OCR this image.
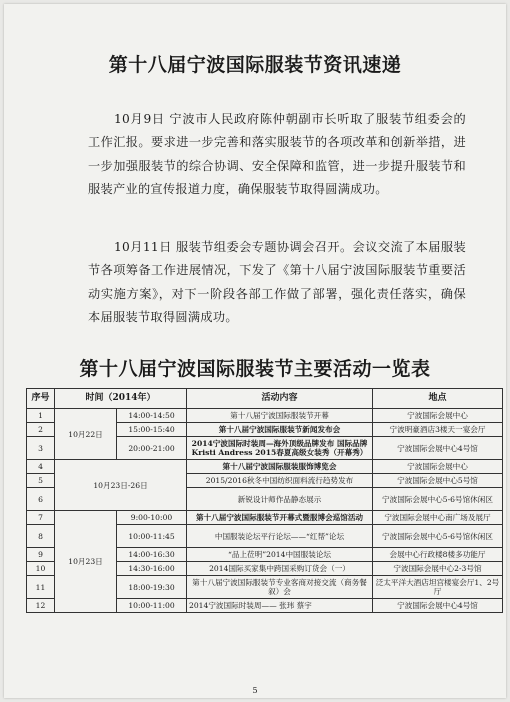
第十八届宁波国际服装节资讯速递
10月9日 宁波市人民政府陈仲朝副市长听取了服装节组委会的工作汇报。要求进一步完善和落实服装节的各项改革和创新举措，进一步加强服装节的综合协调、安全保障和监管，进一步提升服装节和服装产业的宣传报道力度，确保服装节取得圆满成功。
10月11日 服装节组委会专题协调会召开。会议交流了本届服装节各项筹备工作进展情况，下发了《第十八届宁波国际服装节重要活动实施方案》，对下一阶段各部工作做了部署，强化责任落实，确保本届服装节取得圆满成功。
第十八届宁波国际服装节主要活动一览表
序号	时间（2014年）		活动内容	地点
1	10月22日	14:00-14:50	第十八届宁波国际服装节开幕	宁波国际会展中心
2		15:00-15:40	第十八届宁波国际服装节新闻发布会	宁波明豪酒店3楼天一宴会厅
3		20:00-21:00	2014宁波国际时装周—海外顶级品牌发布 国际品牌Kristi Andress 2015春夏高级女装秀（开幕秀）	宁波国际会展中心4号馆
4	10月23日-26日		第十八届宁波国际服装服饰博览会	宁波国际会展中心
5			2015/2016秋冬中国纺织面料流行趋势发布	宁波国际会展中心5号馆
6			新锐设计师作品静态展示	宁波国际会展中心5-6号馆休闲区
7	10月23日	9:00-10:00	第十八届宁波国际服装节开幕式暨服博会巡馆活动	宁波国际会展中心南广场及展厅
8		10:00-11:45	中国服装论坛平行论坛——“红帮”论坛	宁波国际会展中心5-6号馆休闲区
9		14:00-16:30	“品上莅明”2014中国服装论坛	会展中心行政楼8楼多功能厅
10		14:30-16:00	2014国际买家集中跨国采购订货会（一）	宁波国际会展中心2-3号馆
11		18:00-19:30	第十八届宁波国际服装节专业客商对接交流（商务餐叙）会	泛太平洋大酒店坦宫楼宴会厅1、2号厅
12		10:00-11:00	2014宁波国际时装周—— 张玮 蔡宇	宁波国际会展中心4号馆
5
